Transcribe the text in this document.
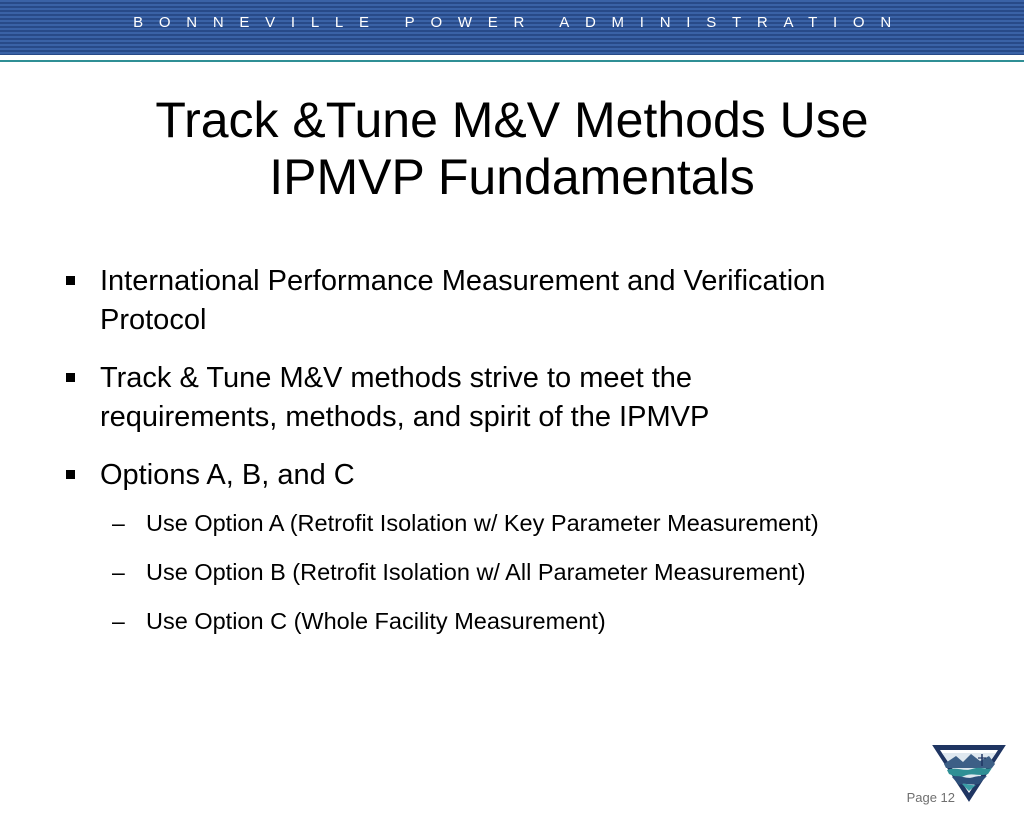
BONNEVILLE POWER ADMINISTRATION
Track &Tune M&V Methods Use
IPMVP Fundamentals
International Performance Measurement and Verification
Protocol
Track & Tune M&V methods strive to meet the
requirements, methods, and spirit of the IPMVP
Options A, B, and C
– Use Option A (Retrofit Isolation w/ Key Parameter Measurement)
– Use Option B (Retrofit Isolation w/ All Parameter Measurement)
– Use Option C (Whole Facility Measurement)
Page 12
